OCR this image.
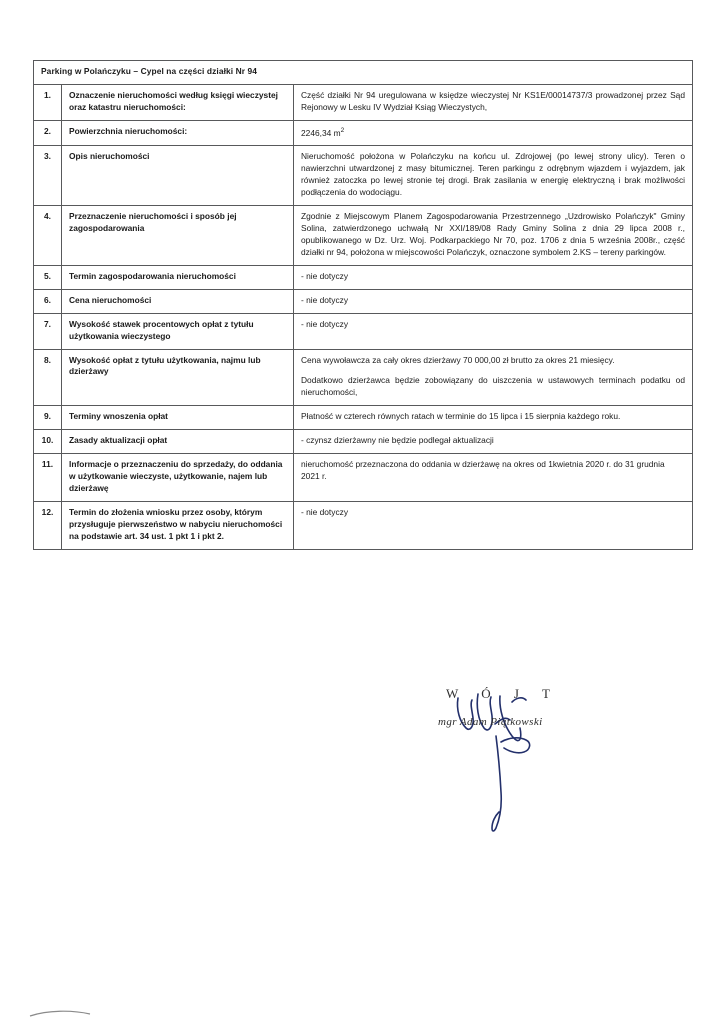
Parking w Polańczyku – Cypel na części działki Nr 94		
1.	Oznaczenie nieruchomości według księgi wieczystej oraz katastru nieruchomości:	Część działki Nr 94 uregulowana w księdze wieczystej Nr KS1E/00014737/3 prowadzonej przez Sąd Rejonowy w Lesku IV Wydział Ksiąg Wieczystych,
2.	Powierzchnia nieruchomości:	2246,34 $m^2$
3.	Opis nieruchomości	Nieruchomość położona w Polańczyku na końcu ul. Zdrojowej (po lewej strony ulicy). Teren o nawierzchni utwardzonej z masy bitumicznej. Teren parkingu z odrębnym wjazdem i wyjazdem, jak również zatoczka po lewej stronie tej drogi. Brak zasilania w energię elektryczną i brak możliwości podłączenia do wodociągu.
4.	Przeznaczenie nieruchomości i sposób jej zagospodarowania	Zgodnie z Miejscowym Planem Zagospodarowania Przestrzennego „Uzdrowisko Polańczyk" Gminy Solina, zatwierdzonego uchwałą Nr XXI/189/08 Rady Gminy Solina z dnia 29 lipca 2008 r., opublikowanego w Dz. Urz. Woj. Podkarpackiego Nr 70, poz. 1706 z dnia 5 września 2008r., część działki nr 94, położona w miejscowości Polańczyk, oznaczone symbolem 2.KS – tereny parkingów.
5.	Termin zagospodarowania nieruchomości	- nie dotyczy
6.	Cena nieruchomości	- nie dotyczy
7.	Wysokość stawek procentowych opłat z tytułu użytkowania wieczystego	- nie dotyczy
8.	Wysokość opłat z tytułu użytkowania, najmu lub dzierżawy	Cena wywoławcza za cały okres dzierżawy 70 000,00 zł brutto za okres 21 miesięcy.
Dodatkowo dzierżawca będzie zobowiązany do uiszczenia w ustawowych terminach podatku od nieruchomości,
9.	Terminy wnoszenia opłat	Płatność w czterech równych ratach w terminie do 15 lipca i 15 sierpnia każdego roku.
10.	Zasady aktualizacji opłat	- czynsz dzierżawny nie będzie podlegał aktualizacji
11.	Informacje o przeznaczeniu do sprzedaży, do oddania w użytkowanie wieczyste, użytkowanie, najem lub dzierżawę	nieruchomość przeznaczona do oddania w dzierżawę na okres od 1kwietnia 2020 r. do 31 grudnia 2021 r.
12.	Termin do złożenia wniosku przez osoby, którym przysługuje pierwszeństwo w nabyciu nieruchomości na podstawie art. 34 ust. 1 pkt 1 i pkt 2.	- nie dotyczy
W Ó J T
mgr Adam Piątkowski
